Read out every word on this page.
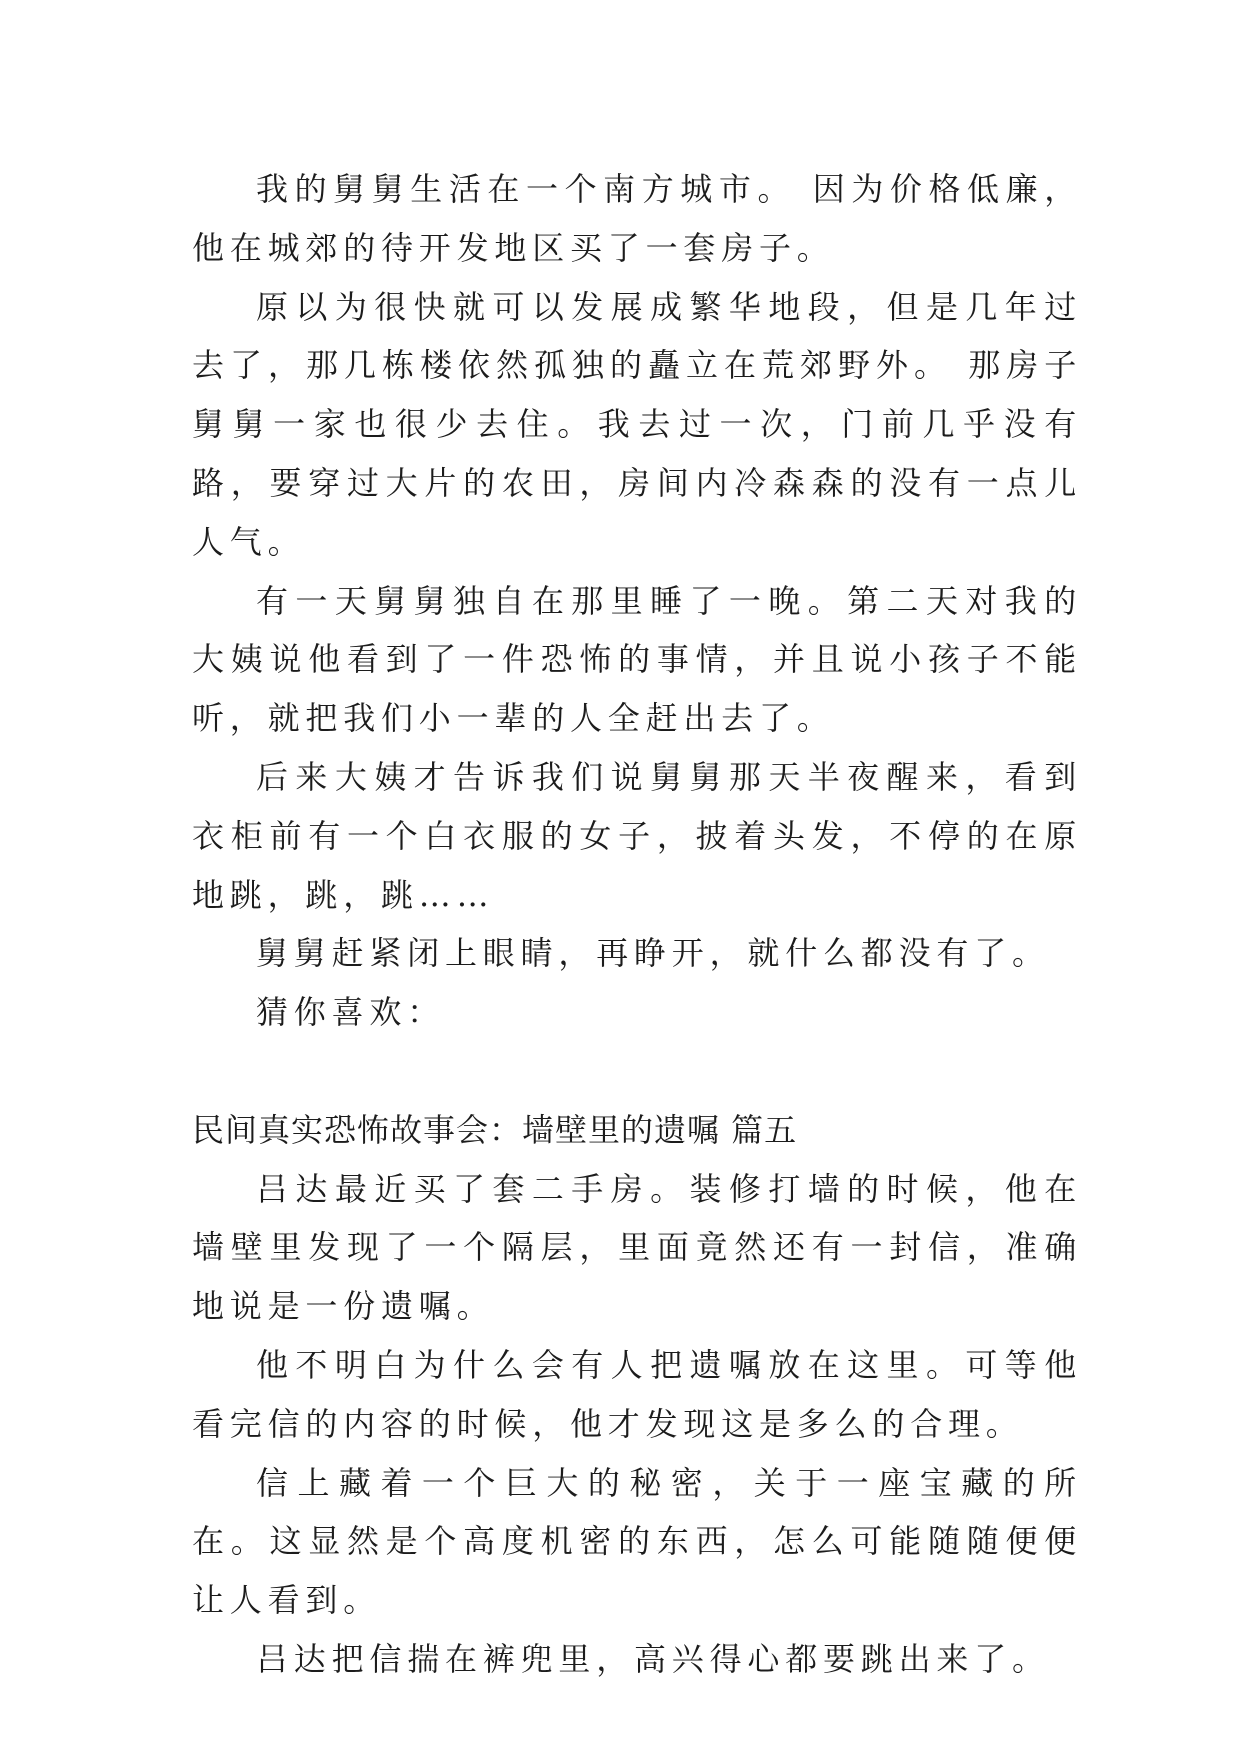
我的舅舅生活在一个南方城市。 因为价格低廉，他在城郊的待开发地区买了一套房子。

原以为很快就可以发展成繁华地段，但是几年过去了，那几栋楼依然孤独的矗立在荒郊野外。 那房子舅舅一家也很少去住。我去过一次，门前几乎没有路，要穿过大片的农田，房间内冷森森的没有一点儿人气。

有一天舅舅独自在那里睡了一晚。第二天对我的大姨说他看到了一件恐怖的事情，并且说小孩子不能听，就把我们小一辈的人全赶出去了。

后来大姨才告诉我们说舅舅那天半夜醒来，看到衣柜前有一个白衣服的女子，披着头发，不停的在原地跳，跳，跳……

舅舅赶紧闭上眼睛，再睁开，就什么都没有了。

猜你喜欢：

民间真实恐怖故事会：墙壁里的遗嘱 篇五

吕达最近买了套二手房。装修打墙的时候，他在墙壁里发现了一个隔层，里面竟然还有一封信，准确地说是一份遗嘱。

他不明白为什么会有人把遗嘱放在这里。可等他看完信的内容的时候，他才发现这是多么的合理。

信上藏着一个巨大的秘密，关于一座宝藏的所在。这显然是个高度机密的东西，怎么可能随随便便让人看到。

吕达把信揣在裤兜里，高兴得心都要跳出来了。
